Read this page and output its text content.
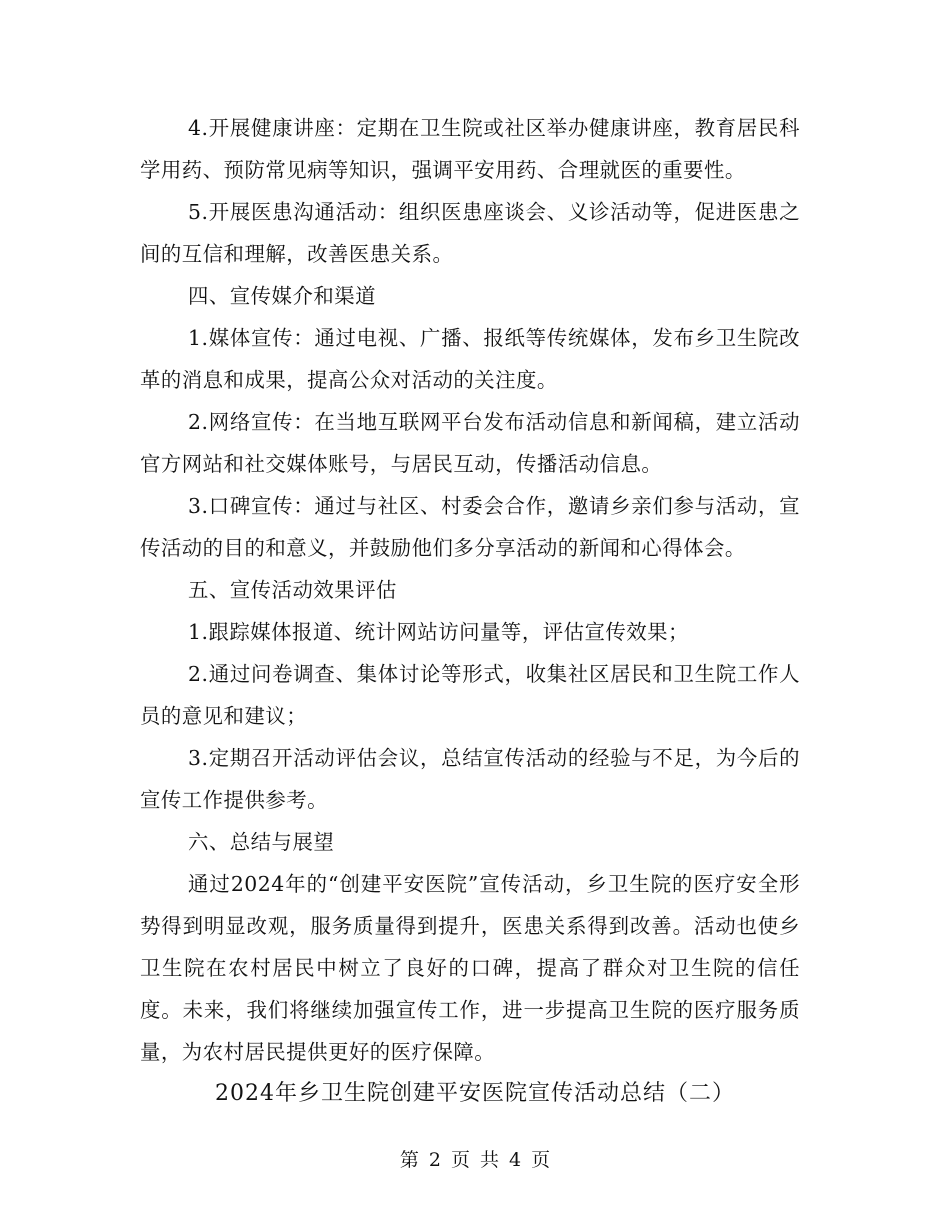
4.开展健康讲座：定期在卫生院或社区举办健康讲座，教育居民科学用药、预防常见病等知识，强调平安用药、合理就医的重要性。

5.开展医患沟通活动：组织医患座谈会、义诊活动等，促进医患之间的互信和理解，改善医患关系。

四、宣传媒介和渠道

1.媒体宣传：通过电视、广播、报纸等传统媒体，发布乡卫生院改革的消息和成果，提高公众对活动的关注度。

2.网络宣传：在当地互联网平台发布活动信息和新闻稿，建立活动官方网站和社交媒体账号，与居民互动，传播活动信息。

3.口碑宣传：通过与社区、村委会合作，邀请乡亲们参与活动，宣传活动的目的和意义，并鼓励他们多分享活动的新闻和心得体会。

五、宣传活动效果评估

1.跟踪媒体报道、统计网站访问量等，评估宣传效果；

2.通过问卷调查、集体讨论等形式，收集社区居民和卫生院工作人员的意见和建议；

3.定期召开活动评估会议，总结宣传活动的经验与不足，为今后的宣传工作提供参考。

六、总结与展望

通过2024年的“创建平安医院”宣传活动，乡卫生院的医疗安全形势得到明显改观，服务质量得到提升，医患关系得到改善。活动也使乡卫生院在农村居民中树立了良好的口碑，提高了群众对卫生院的信任度。未来，我们将继续加强宣传工作，进一步提高卫生院的医疗服务质量，为农村居民提供更好的医疗保障。

2024年乡卫生院创建平安医院宣传活动总结（二）
第 2 页 共 4 页
